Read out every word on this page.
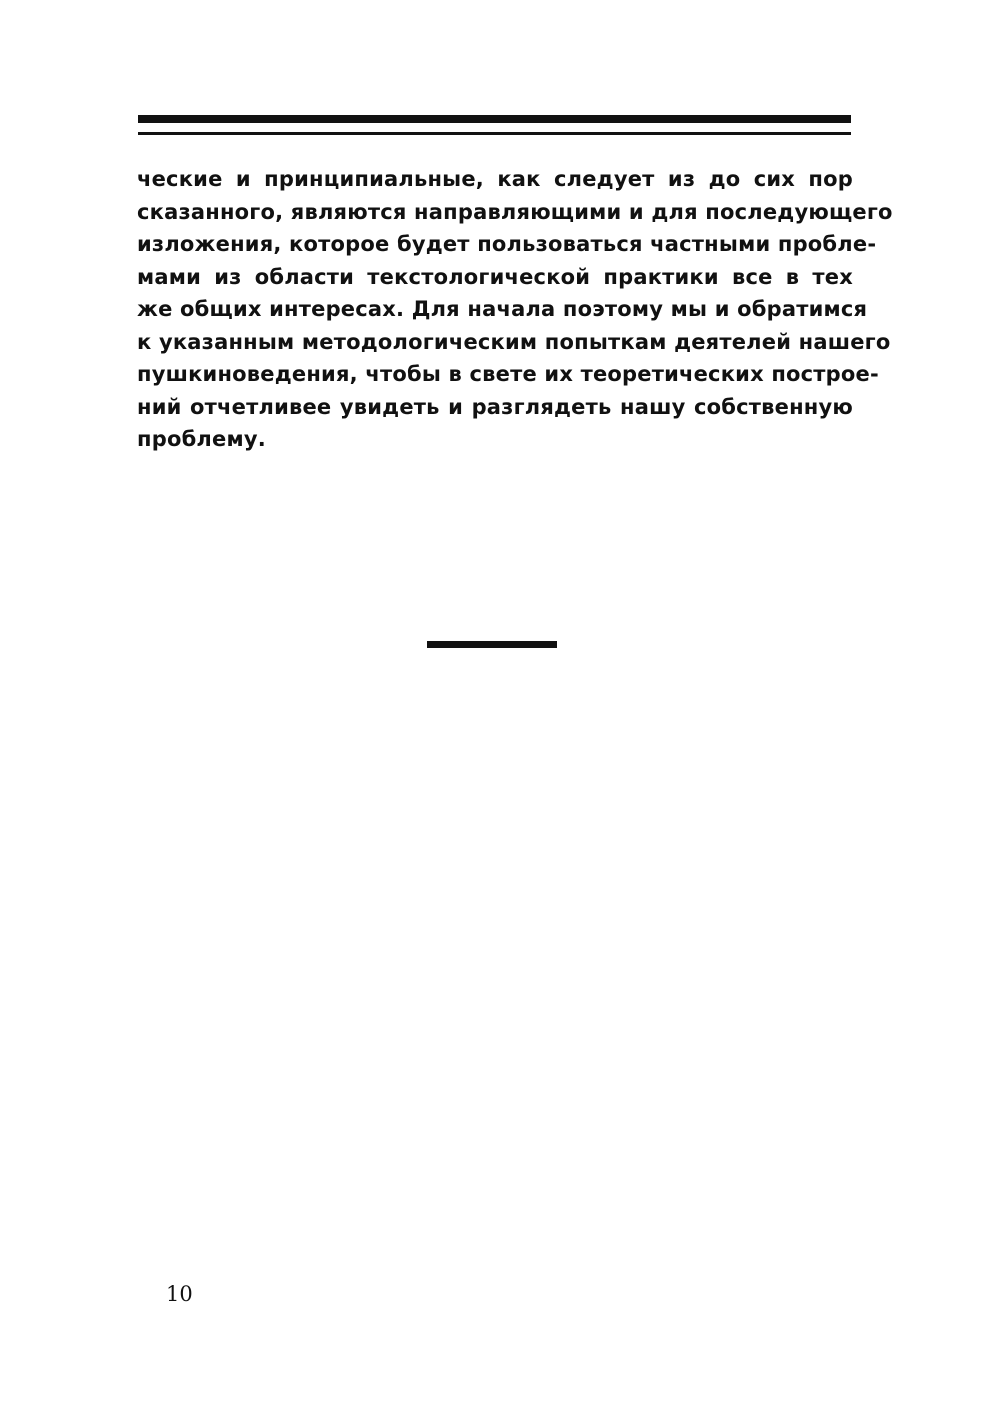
ческие и принципиальные, как следует из до сих пор
сказанного, являются направляющими и для последующего
изложения, которое будет пользоваться частными пробле-
мами из области текстологической практики все в тех
же общих интересах. Для начала поэтому мы и обратимся
к указанным методологическим попыткам деятелей нашего
пушкиноведения, чтобы в свете их теоретических построе-
ний отчетливее увидеть и разглядеть нашу собственную
проблему.
10
